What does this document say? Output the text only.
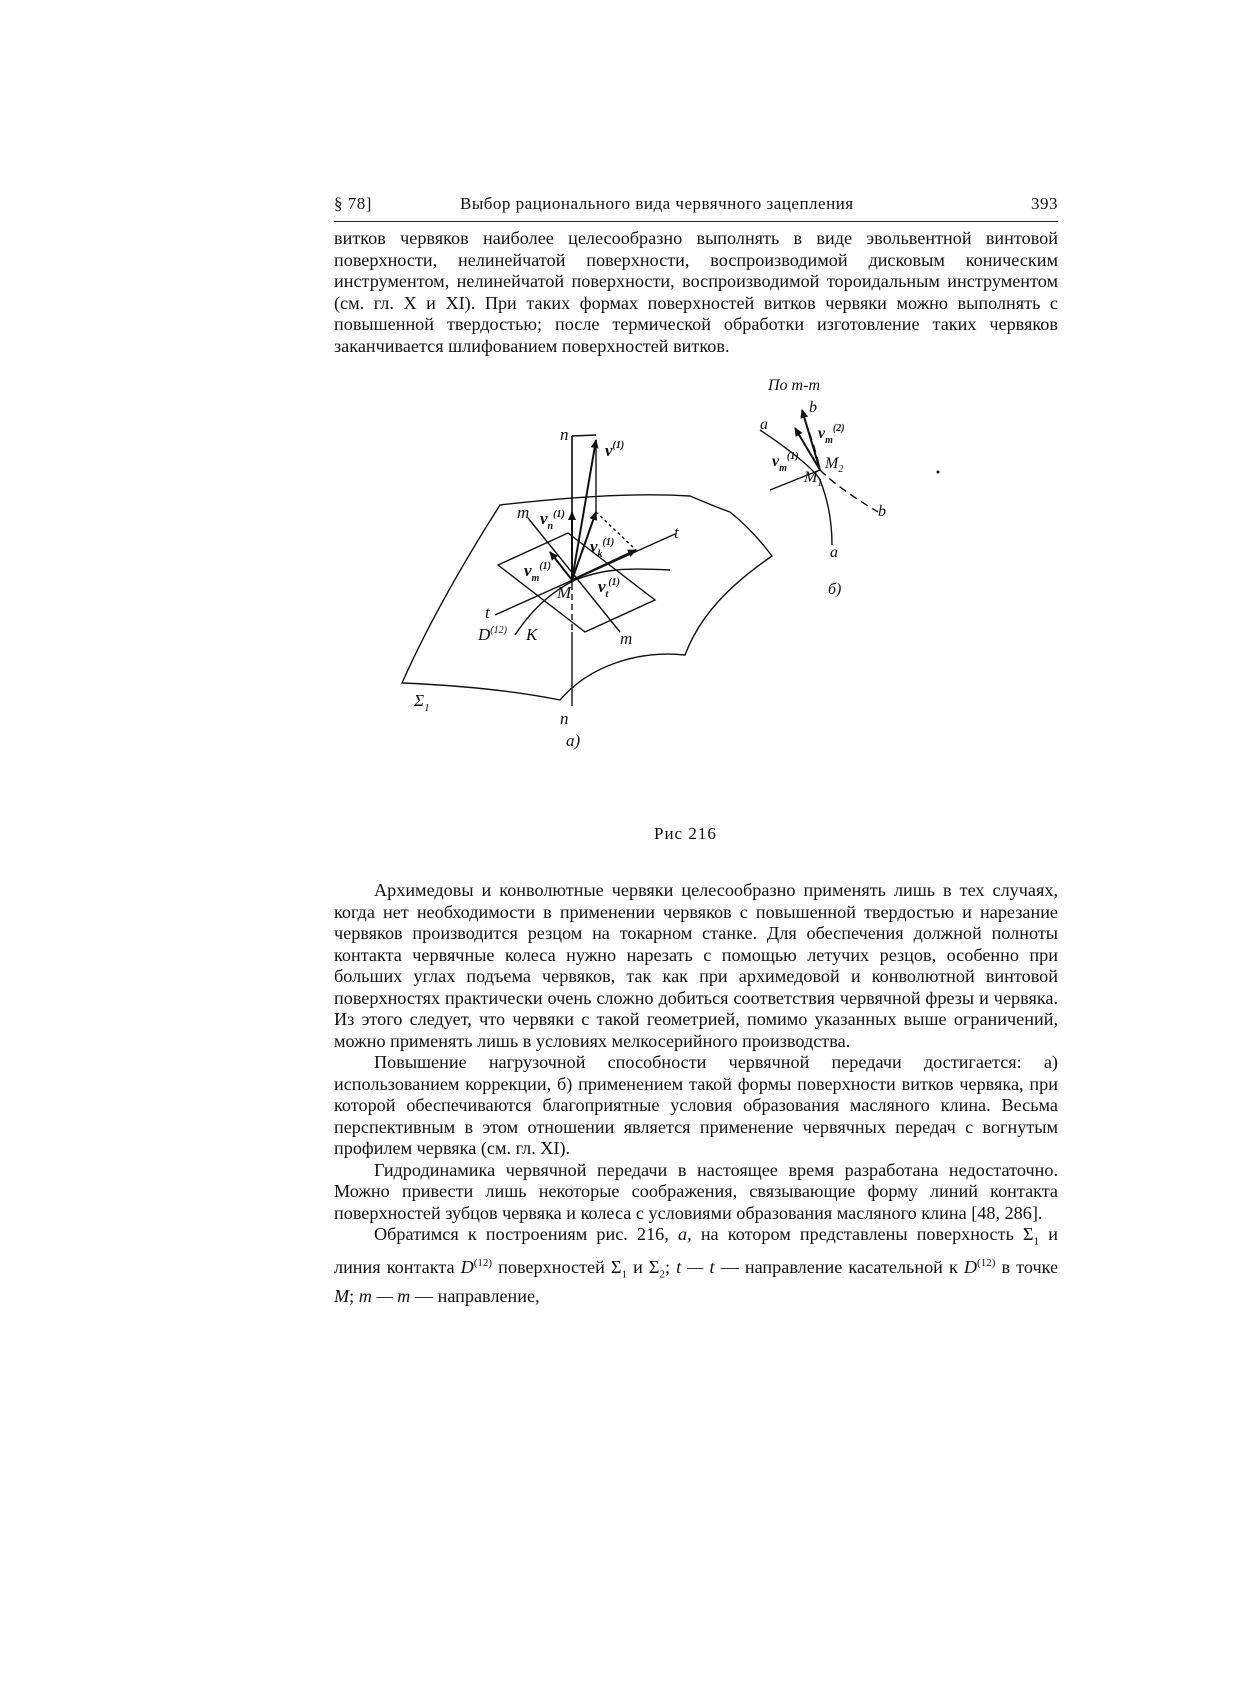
§ 78]	Выбор рационального вида червячного зацепления	393

витков червяков наиболее целесообразно выполнять в виде эвольвентной винтовой поверхности, нелинейчатой поверхности, воспроизводимой дисковым коническим инструментом, нелинейчатой поверхности, воспроизводимой тороидальным инструментом (см. гл. X и XI). При таких формах поверхностей витков червяки можно выполнять с повышенной твердостью; после термической обработки изготовление таких червяков заканчивается шлифованием поверхностей витков.

n
n
$v^{(1)}$
$v_n^{(1)}$
$v_k^{(1)}$
$v_m^{(1)}$
$v_t^{(1)}$
m
m
t
t
M
K
$D^{(12)}$
$\Sigma_1$
а)
По m-m
a
a
b
b
$v_m^{(1)}$
$v_m^{(2)}$
$M_1$
$M_2$
б)
Рис 216

Архимедовы и конволютные червяки целесообразно применять лишь в тех случаях, когда нет необходимости в применении червяков с повышенной твердостью и нарезание червяков производится резцом на токарном станке. Для обеспечения должной полноты контакта червячные колеса нужно нарезать с помощью летучих резцов, особенно при больших углах подъема червяков, так как при архимедовой и конволютной винтовой поверхностях практически очень сложно добиться соответствия червячной фрезы и червяка. Из этого следует, что червяки с такой геометрией, помимо указанных выше ограничений, можно применять лишь в условиях мелкосерийного производства.

Повышение нагрузочной способности червячной передачи достигается: а) использованием коррекции, б) применением такой формы поверхности витков червяка, при которой обеспечиваются благоприятные условия образования масляного клина. Весьма перспективным в этом отношении является применение червячных передач с вогнутым профилем червяка (см. гл. XI).

Гидродинамика червячной передачи в настоящее время разработана недостаточно. Можно привести лишь некоторые соображения, связывающие форму линий контакта поверхностей зубцов червяка и колеса с условиями образования масляного клина [48, 286].

Обратимся к построениям рис. 216, а, на котором представлены поверхность $\Sigma_1$ и линия контакта $D^{(12)}$ поверхностей $\Sigma_1$ и $\Sigma_2$; t — t — направление касательной к $D^{(12)}$ в точке M; m — m — направление,
